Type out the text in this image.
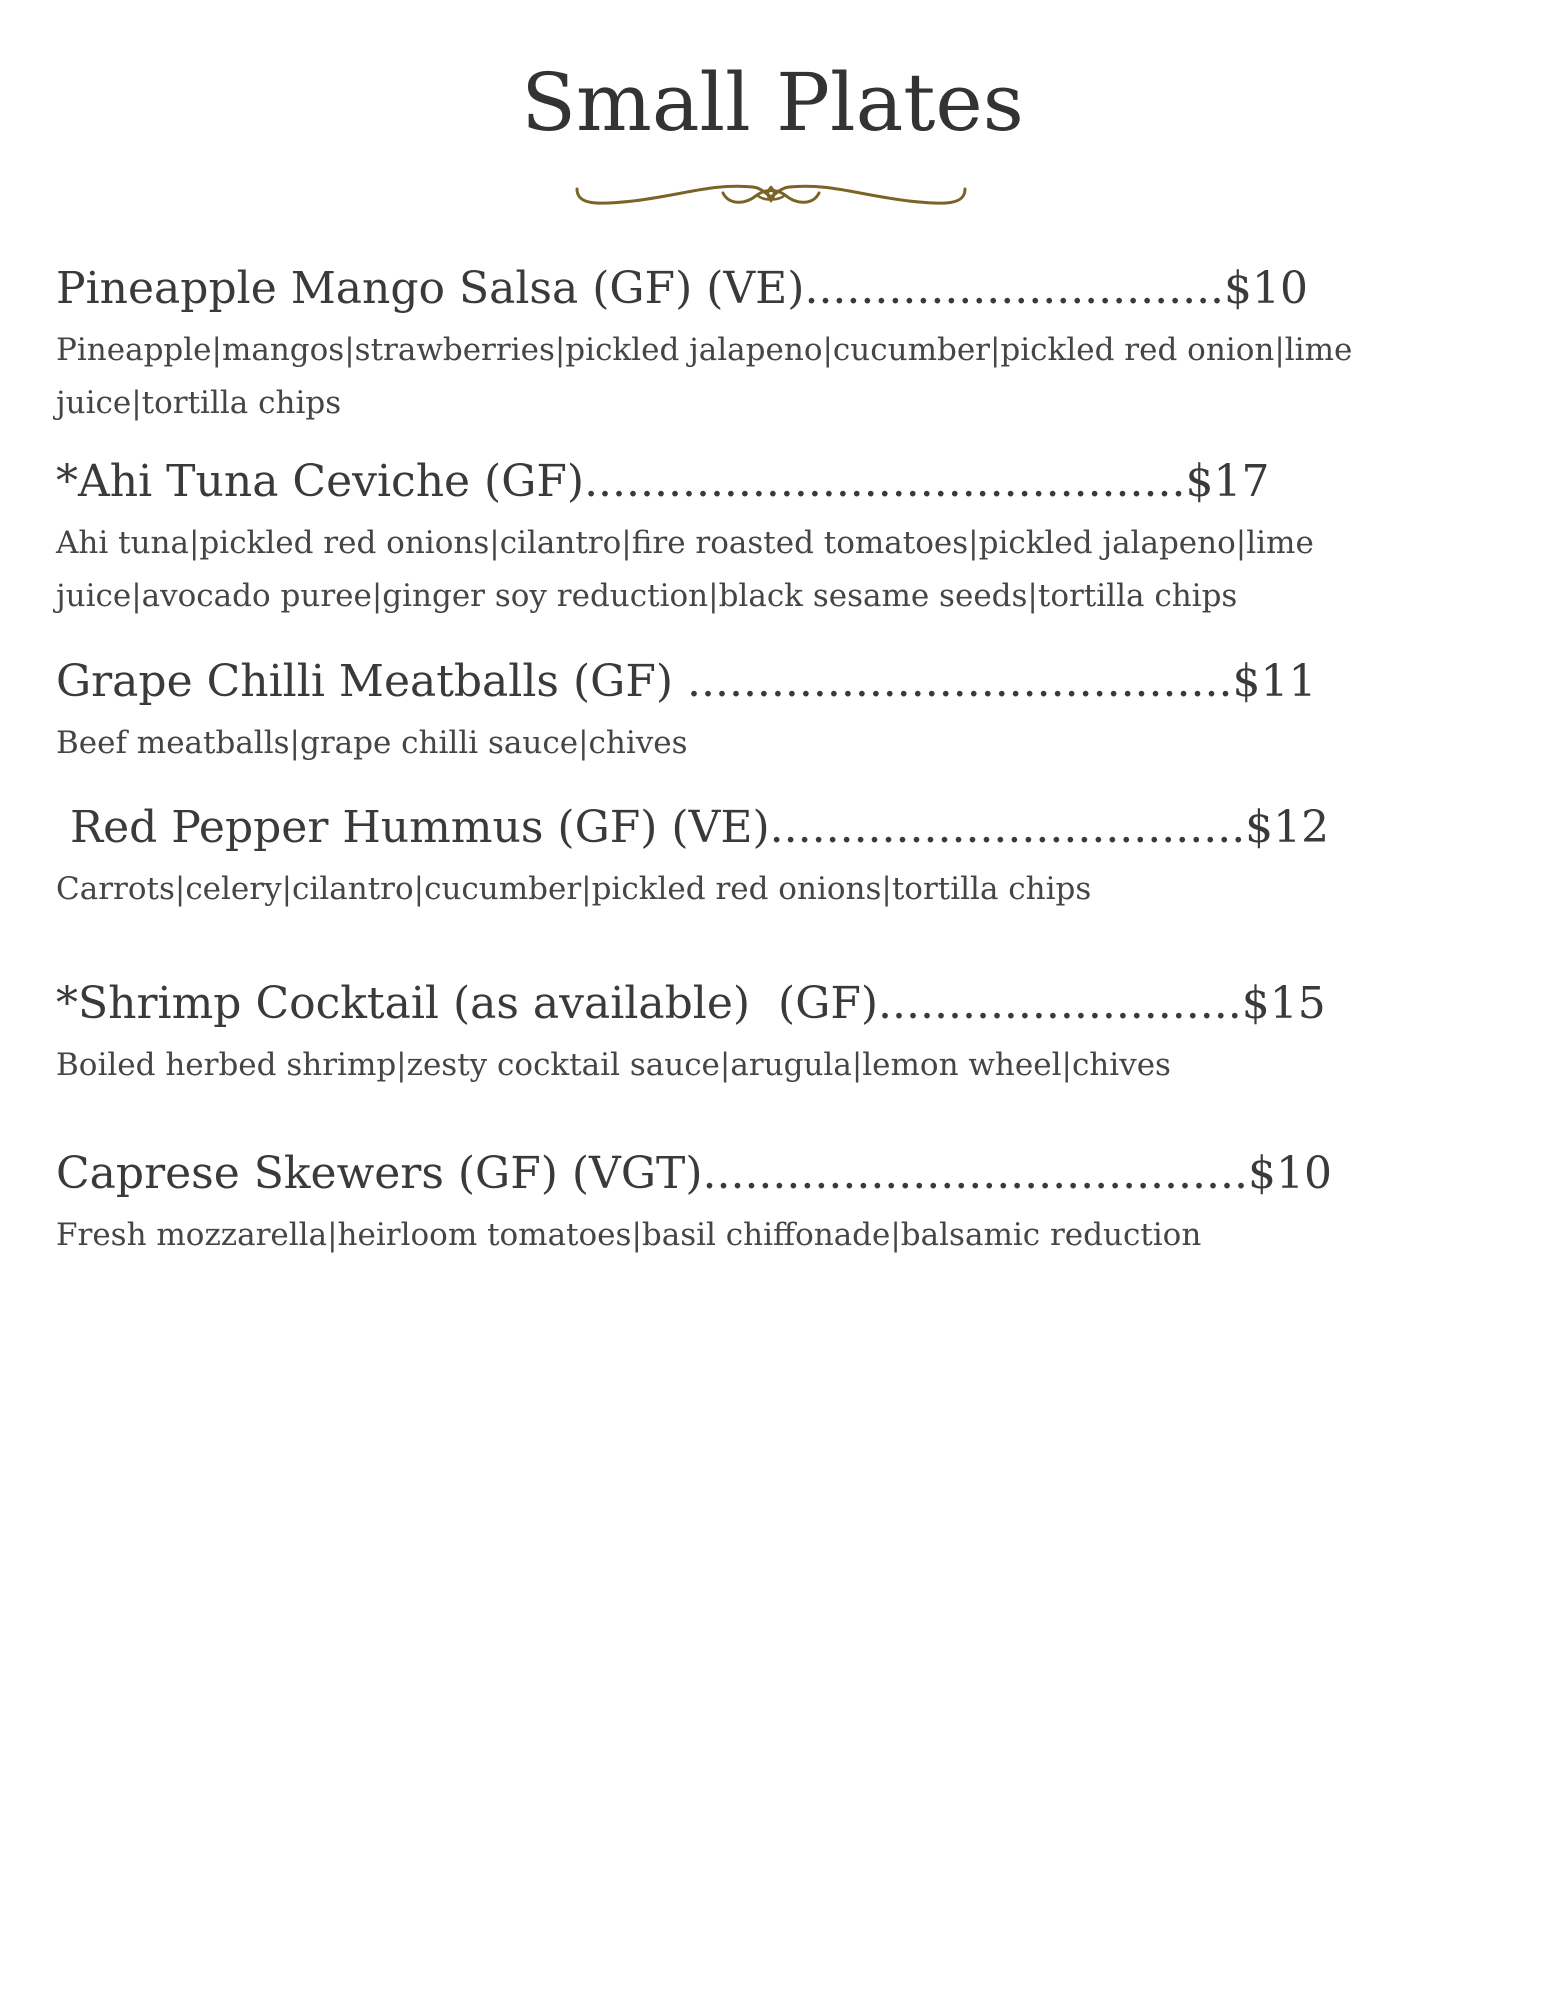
Small Plates
Pineapple Mango Salsa (GF) (VE)..............................$10
Pineapple|mangos|strawberries|pickled jalapeno|cucumber|pickled red onion|lime juice|tortilla chips
*Ahi Tuna Ceviche (GF)...........................................$17
Ahi tuna|pickled red onions|cilantro|fire roasted tomatoes|pickled jalapeno|lime juice|avocado puree|ginger soy reduction|black sesame seeds|tortilla chips
Grape Chilli Meatballs (GF) .......................................$11
Beef meatballs|grape chilli sauce|chives
Red Pepper Hummus (GF) (VE)..................................$12
Carrots|celery|cilantro|cucumber|pickled red onions|tortilla chips
*Shrimp Cocktail (as available)  (GF)..........................$15
Boiled herbed shrimp|zesty cocktail sauce|arugula|lemon wheel|chives
Caprese Skewers (GF) (VGT).......................................$10
Fresh mozzarella|heirloom tomatoes|basil chiffonade|balsamic reduction
